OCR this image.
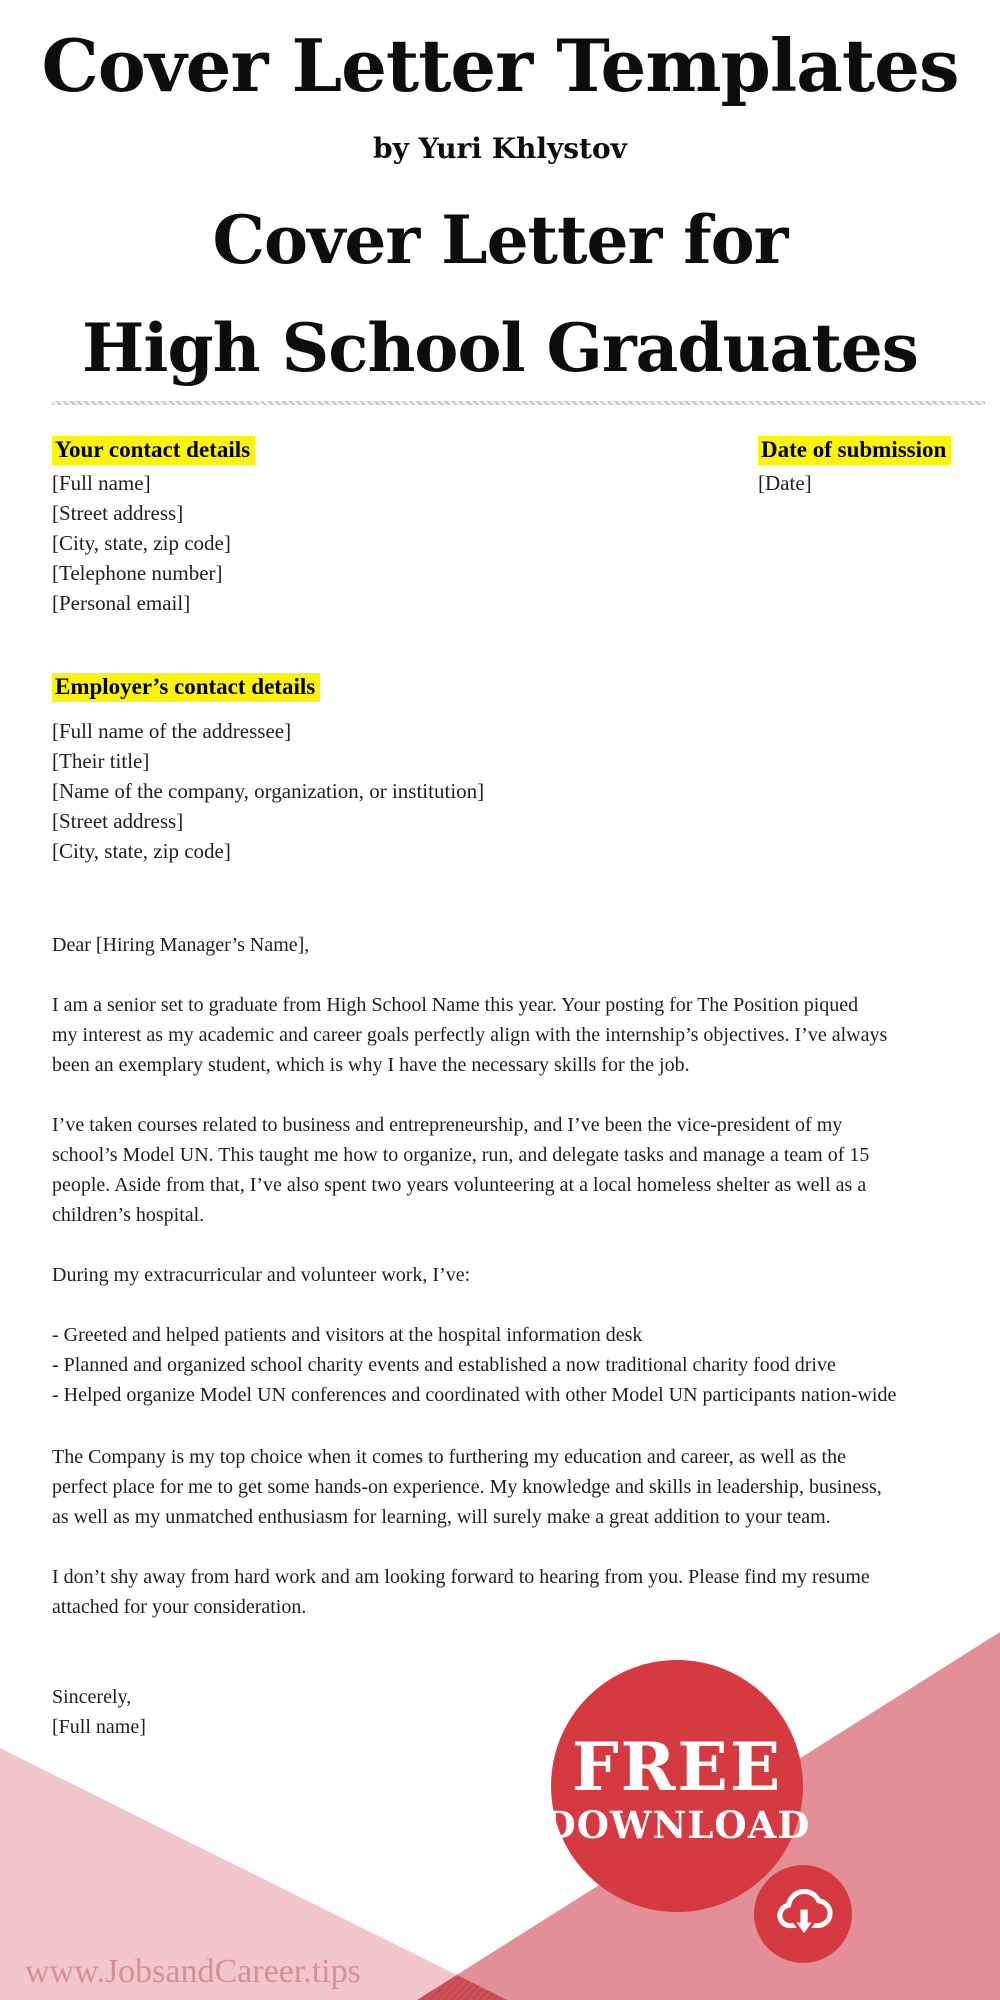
Cover Letter Templates
by Yuri Khlystov
Cover Letter for
High School Graduates
Your contact details
[Full name]
[Street address]
[City, state, zip code]
[Telephone number]
[Personal email]
Date of submission
[Date]
Employer’s contact details
[Full name of the addressee]
[Their title]
[Name of the company, organization, or institution]
[Street address]
[City, state, zip code]
Dear [Hiring Manager’s Name],
I am a senior set to graduate from High School Name this year. Your posting for The Position piqued
my interest as my academic and career goals perfectly align with the internship’s objectives. I’ve always
been an exemplary student, which is why I have the necessary skills for the job.
I’ve taken courses related to business and entrepreneurship, and I’ve been the vice-president of my
school’s Model UN. This taught me how to organize, run, and delegate tasks and manage a team of 15
people. Aside from that, I’ve also spent two years volunteering at a local homeless shelter as well as a
children’s hospital.
During my extracurricular and volunteer work, I’ve:
- Greeted and helped patients and visitors at the hospital information desk
- Planned and organized school charity events and established a now traditional charity food drive
- Helped organize Model UN conferences and coordinated with other Model UN participants nation-wide
The Company is my top choice when it comes to furthering my education and career, as well as the
perfect place for me to get some hands-on experience. My knowledge and skills in leadership, business,
as well as my unmatched enthusiasm for learning, will surely make a great addition to your team.
I don’t shy away from hard work and am looking forward to hearing from you. Please find my resume
attached for your consideration.
Sincerely,
[Full name]
www.JobsandCareer.tips
FREE
DOWNLOAD
